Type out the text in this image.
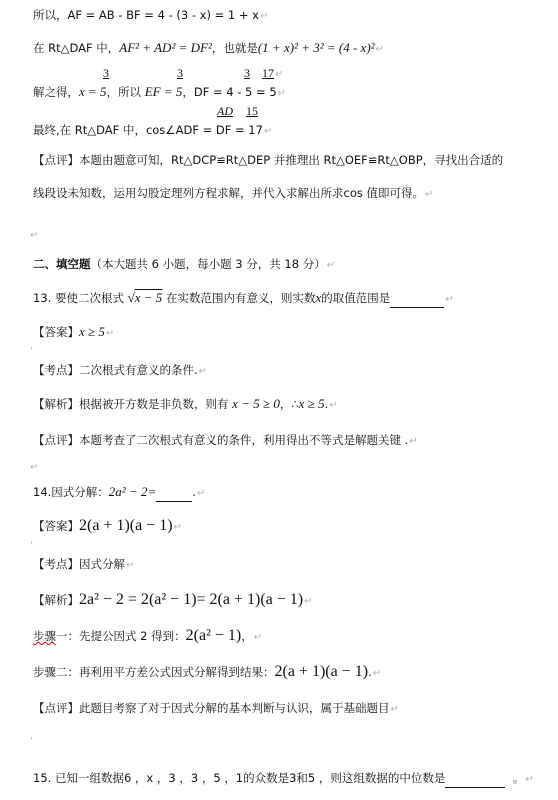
所以，AF = AB - BF = 4 - (3 - x) = 1 + x↵
在 Rt△DAF 中，AF² + AD² = DF²，也就是(1 + x)² + 3² = (4 - x)²↵
3	3	3 17↵
解之得，x = 5，所以 EF = 5，DF = 4 - 5 = 5↵
AD 15
最终,在 Rt△DAF 中，cos∠ADF = DF = 17↵
【点评】本题由题意可知，Rt△DCP≌Rt△DEP 并推理出 Rt△OEF≌Rt△OBP，寻找出合适的
线段设未知数，运用勾股定理列方程求解，并代入求解出所求cos 值即可得。↵
↵
二、填空题（本大题共 6 小题，每小题 3 分，共 18 分）↵
13. 要使二次根式 √x − 5 在实数范围内有意义，则实数x的取值范围是	↵
【答案】x ≥ 5↵
'
【考点】二次根式有意义的条件.↵
【解析】根据被开方数是非负数，则有 x − 5 ≥ 0，∴x ≥ 5.↵
【点评】本题考查了二次根式有意义的条件，利用得出不等式是解题关键 .↵
↵
14.因式分解：2a² − 2=	.↵
【答案】2(a + 1)(a − 1)↵
'
【考点】因式分解↵
【解析】2a² − 2 = 2(a² − 1)= 2(a + 1)(a − 1)↵
步骤一：先提公因式 2 得到：2(a² − 1)，↵
步骤二：再利用平方差公式因式分解得到结果：2(a + 1)(a − 1).↵
【点评】此题目考察了对于因式分解的基本判断与认识，属于基础题目↵
'
15. 已知一组数据6 ，x ，3 ，3 ，5 ，1的众数是3和5 ，则这组数据的中位数是	。↵
